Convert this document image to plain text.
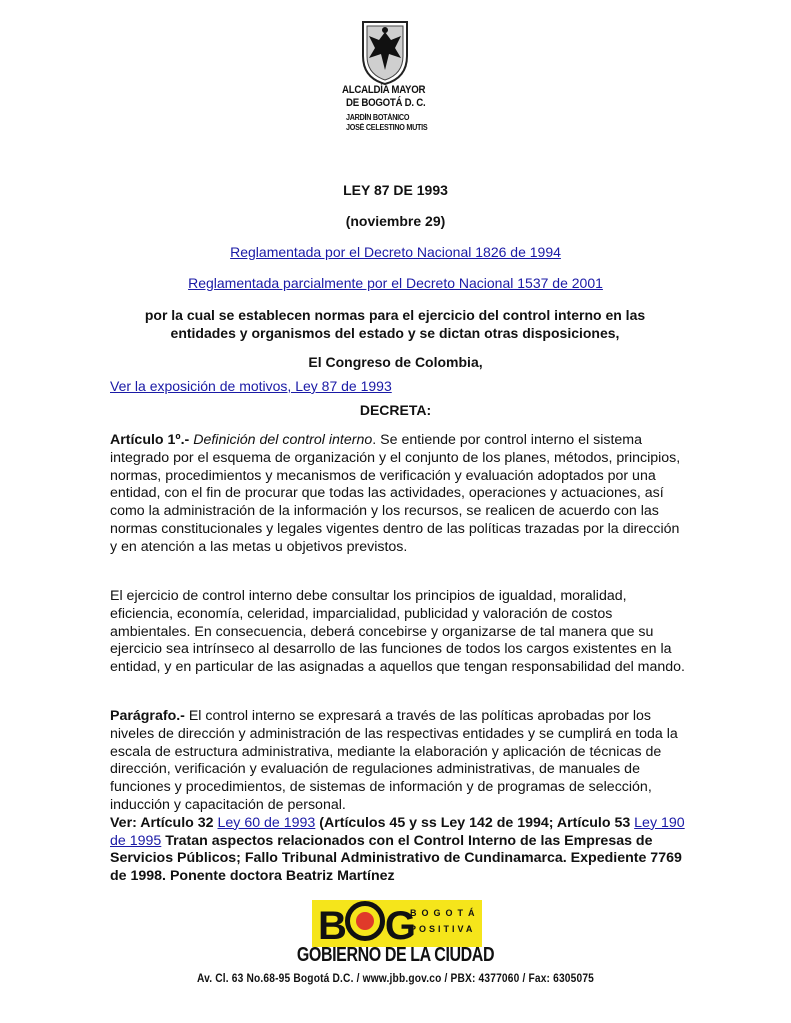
ALCALDÍA MAYOR
DE BOGOTÁ D. C.
JARDÍN BOTÁNICO
JOSÉ CELESTINO MUTIS
LEY 87 DE 1993
(noviembre 29)
Reglamentada por el Decreto Nacional 1826 de 1994
Reglamentada parcialmente por el Decreto Nacional 1537 de 2001
por la cual se establecen normas para el ejercicio del control interno en las
entidades y organismos del estado y se dictan otras disposiciones,
El Congreso de Colombia,
Ver la exposición de motivos, Ley 87 de 1993
DECRETA:

Artículo 1º.- Definición del control interno. Se entiende por control interno el sistema integrado por el esquema de organización y el conjunto de los planes, métodos, principios, normas, procedimientos y mecanismos de verificación y evaluación adoptados por una entidad, con el fin de procurar que todas las actividades, operaciones y actuaciones, así como la administración de la información y los recursos, se realicen de acuerdo con las normas constitucionales y legales vigentes dentro de las políticas trazadas por la dirección y en atención a las metas u objetivos previstos.

El ejercicio de control interno debe consultar los principios de igualdad, moralidad, eficiencia, economía, celeridad, imparcialidad, publicidad y valoración de costos ambientales. En consecuencia, deberá concebirse y organizarse de tal manera que su ejercicio sea intrínseco al desarrollo de las funciones de todos los cargos existentes en la entidad, y en particular de las asignadas a aquellos que tengan responsabilidad del mando.

Parágrafo.- El control interno se expresará a través de las políticas aprobadas por los niveles de dirección y administración de las respectivas entidades y se cumplirá en toda la escala de estructura administrativa, mediante la elaboración y aplicación de técnicas de dirección, verificación y evaluación de regulaciones administrativas, de manuales de funciones y procedimientos, de sistemas de información y de programas de selección, inducción y capacitación de personal.

Ver: Artículo 32 Ley 60 de 1993 (Artículos 45 y ss Ley 142 de 1994; Artículo 53 Ley 190 de 1995 Tratan aspectos relacionados con el Control Interno de las Empresas de Servicios Públicos; Fallo Tribunal Administrativo de Cundinamarca. Expediente 7769 de 1998. Ponente doctora Beatriz Martínez

B G
BOGOTÁ
POSITIVA
GOBIERNO DE LA CIUDAD
Av. Cl. 63 No.68-95 Bogotá D.C. / www.jbb.gov.co / PBX: 4377060 / Fax: 6305075
